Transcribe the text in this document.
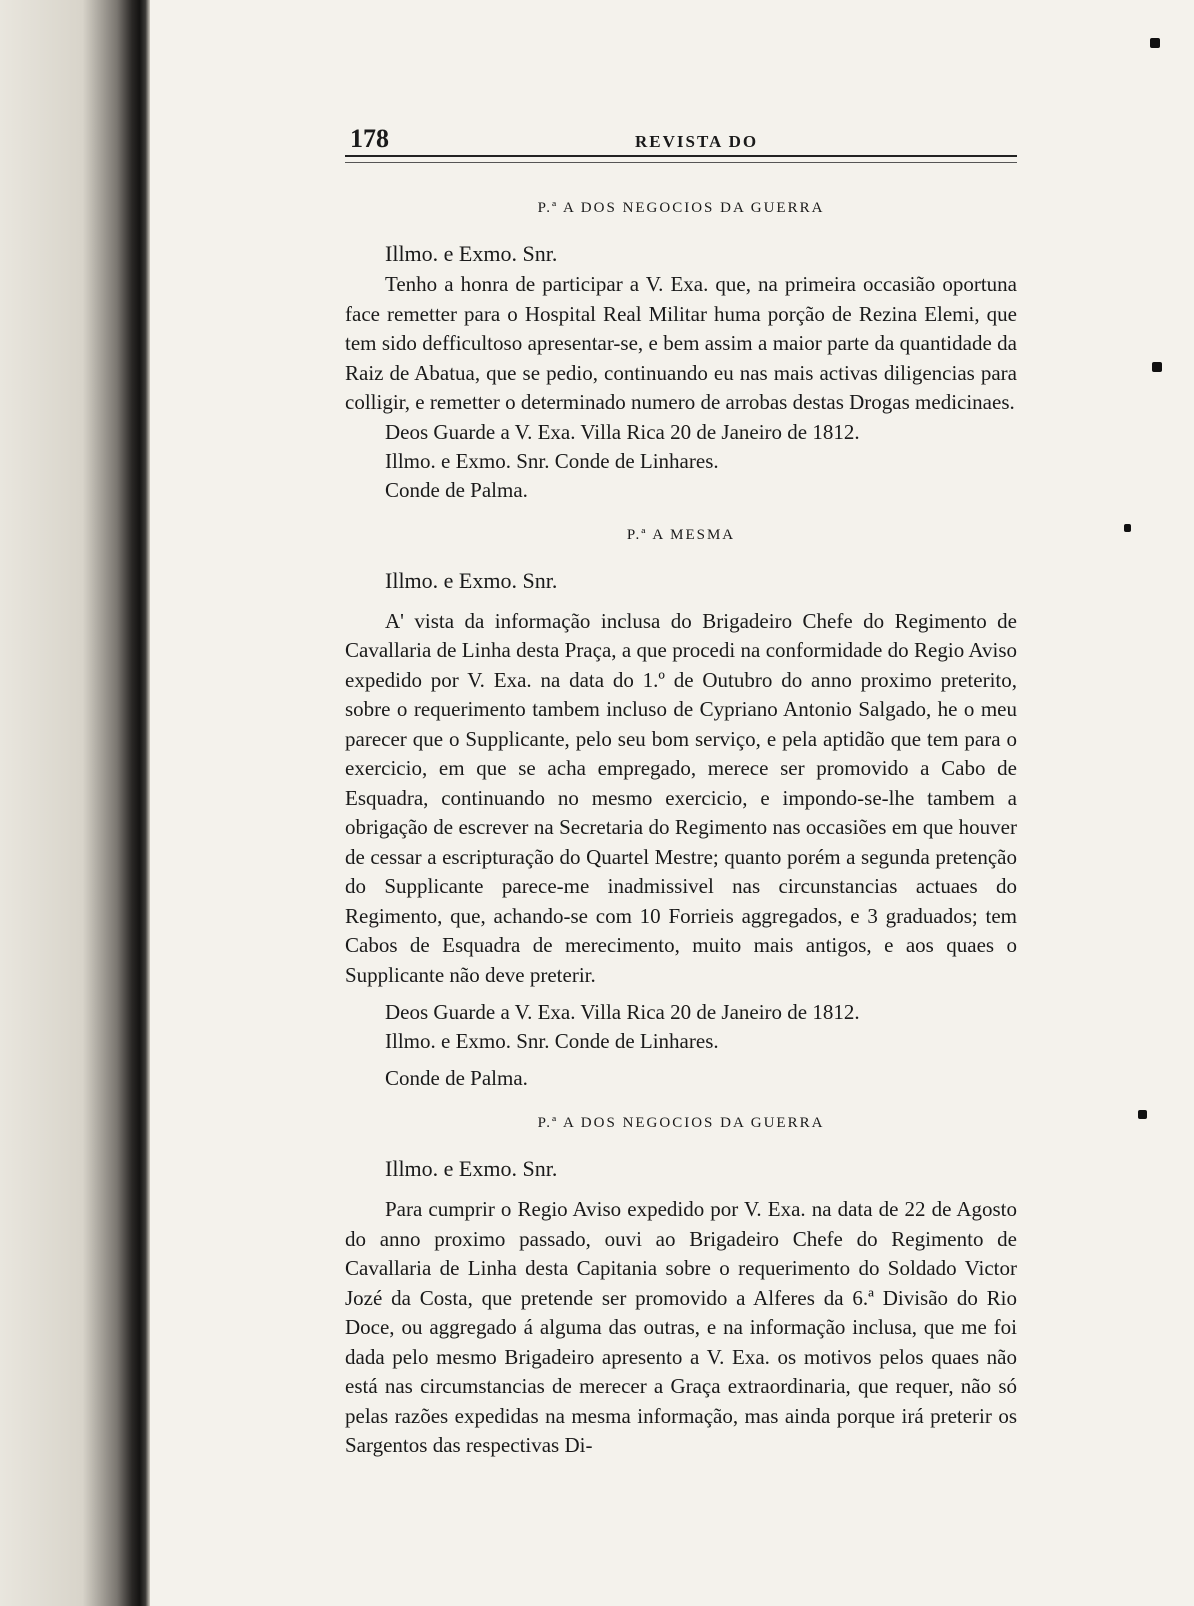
178	REVISTA DO

P.ª A DOS NEGOCIOS DA GUERRA

Illmo. e Exmo. Snr.

Tenho a honra de participar a V. Exa. que, na primeira occasião oportuna face remetter para o Hospital Real Militar huma porção de Rezina Elemi, que tem sido defficultoso apresentar-se, e bem assim a maior parte da quantidade da Raiz de Abatua, que se pedio, continuando eu nas mais activas diligencias para colligir, e remetter o determinado numero de arrobas destas Drogas medicinaes.

Deos Guarde a V. Exa. Villa Rica 20 de Janeiro de 1812.

Illmo. e Exmo. Snr. Conde de Linhares.

Conde de Palma.

P.ª A MESMA

Illmo. e Exmo. Snr.

A' vista da informação inclusa do Brigadeiro Chefe do Regimento de Cavallaria de Linha desta Praça, a que procedi na conformidade do Regio Aviso expedido por V. Exa. na data do 1.º de Outubro do anno proximo preterito, sobre o requerimento tambem incluso de Cypriano Antonio Salgado, he o meu parecer que o Supplicante, pelo seu bom serviço, e pela aptidão que tem para o exercicio, em que se acha empregado, merece ser promovido a Cabo de Esquadra, continuando no mesmo exercicio, e impondo-se-lhe tambem a obrigação de escrever na Secretaria do Regimento nas occasiões em que houver de cessar a escripturação do Quartel Mestre; quanto porém a segunda pretenção do Supplicante parece-me inadmissivel nas circunstancias actuaes do Regimento, que, achando-se com 10 Forrieis aggregados, e 3 graduados; tem Cabos de Esquadra de merecimento, muito mais antigos, e aos quaes o Supplicante não deve preterir.

Deos Guarde a V. Exa. Villa Rica 20 de Janeiro de 1812.

Illmo. e Exmo. Snr. Conde de Linhares.

Conde de Palma.

P.ª A DOS NEGOCIOS DA GUERRA

Illmo. e Exmo. Snr.

Para cumprir o Regio Aviso expedido por V. Exa. na data de 22 de Agosto do anno proximo passado, ouvi ao Brigadeiro Chefe do Regimento de Cavallaria de Linha desta Capitania sobre o requerimento do Soldado Victor Jozé da Costa, que pretende ser promovido a Alferes da 6.ª Divisão do Rio Doce, ou aggregado á alguma das outras, e na informação inclusa, que me foi dada pelo mesmo Brigadeiro apresento a V. Exa. os motivos pelos quaes não está nas circumstancias de merecer a Graça extraordinaria, que requer, não só pelas razões expedidas na mesma informação, mas ainda porque irá preterir os Sargentos das respectivas Di-
